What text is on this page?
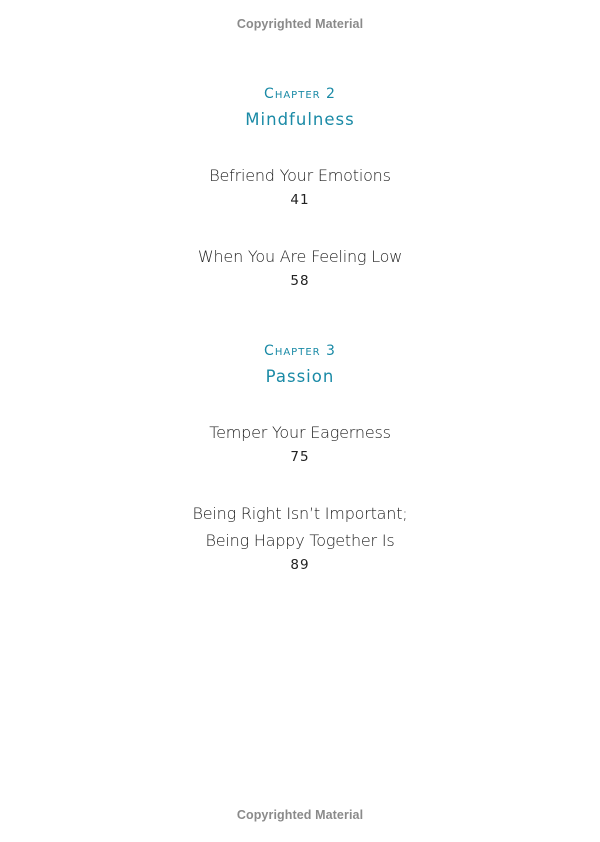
Copyrighted Material
Chapter 2
Mindfulness
Befriend Your Emotions
41
When You Are Feeling Low
58
Chapter 3
Passion
Temper Your Eagerness
75
Being Right Isn’t Important;
Being Happy Together Is
89
Copyrighted Material
